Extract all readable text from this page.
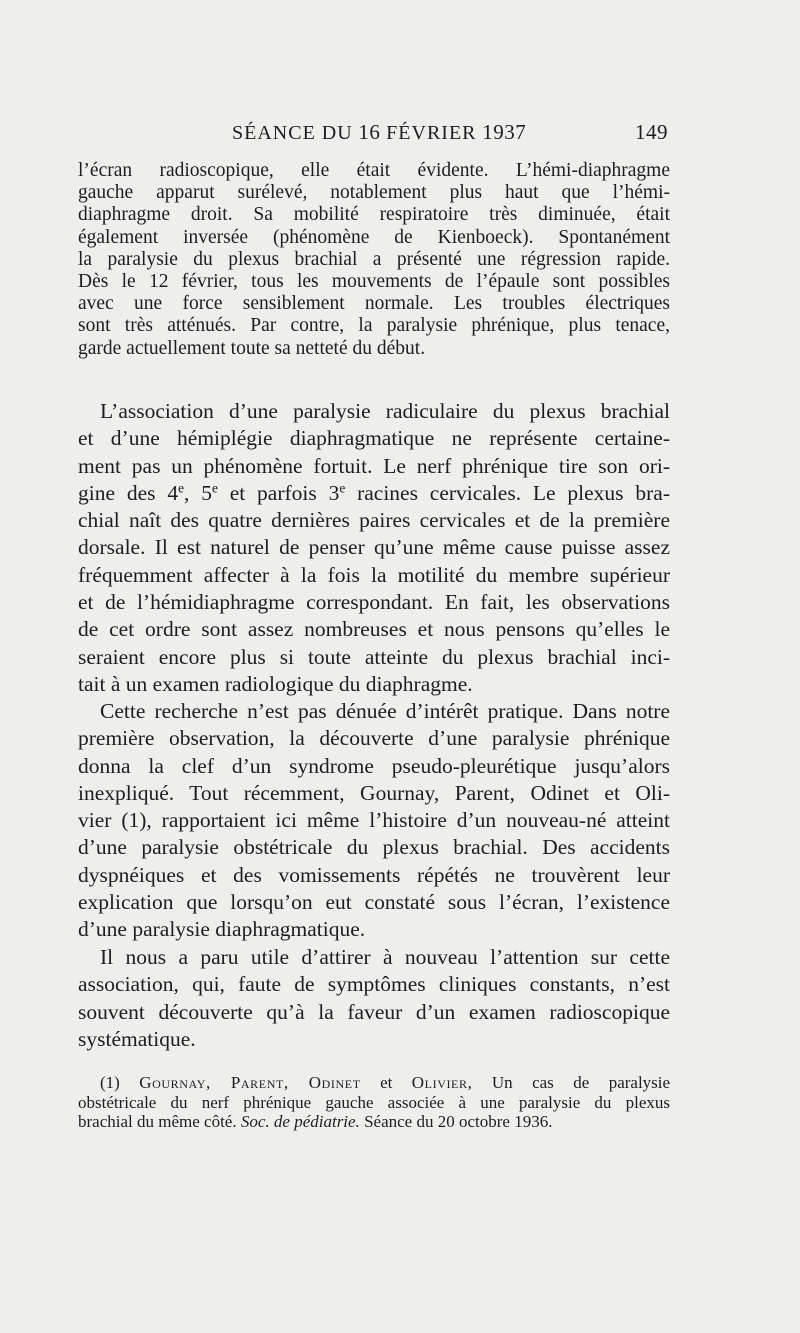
SÉANCE DU 16 FÉVRIER 1937	149
l’écran radioscopique, elle était évidente. L’hémi-diaphragme
gauche apparut surélevé, notablement plus haut que l’hémi-
diaphragme droit. Sa mobilité respiratoire très diminuée, était
également inversée (phénomène de Kienboeck). Spontanément
la paralysie du plexus brachial a présenté une régression rapide.
Dès le 12 février, tous les mouvements de l’épaule sont possibles
avec une force sensiblement normale. Les troubles électriques
sont très atténués. Par contre, la paralysie phrénique, plus tenace,
garde actuellement toute sa netteté du début.
L’association d’une paralysie radiculaire du plexus brachial
et d’une hémiplégie diaphragmatique ne représente certaine-
ment pas un phénomène fortuit. Le nerf phrénique tire son ori-
gine des 4e, 5e et parfois 3e racines cervicales. Le plexus bra-
chial naît des quatre dernières paires cervicales et de la première
dorsale. Il est naturel de penser qu’une même cause puisse assez
fréquemment affecter à la fois la motilité du membre supérieur
et de l’hémidiaphragme correspondant. En fait, les observations
de cet ordre sont assez nombreuses et nous pensons qu’elles le
seraient encore plus si toute atteinte du plexus brachial inci-
tait à un examen radiologique du diaphragme.
Cette recherche n’est pas dénuée d’intérêt pratique. Dans notre
première observation, la découverte d’une paralysie phrénique
donna la clef d’un syndrome pseudo-pleurétique jusqu’alors
inexpliqué. Tout récemment, Gournay, Parent, Odinet et Oli-
vier (1), rapportaient ici même l’histoire d’un nouveau-né atteint
d’une paralysie obstétricale du plexus brachial. Des accidents
dyspnéiques et des vomissements répétés ne trouvèrent leur
explication que lorsqu’on eut constaté sous l’écran, l’existence
d’une paralysie diaphragmatique.
Il nous a paru utile d’attirer à nouveau l’attention sur cette
association, qui, faute de symptômes cliniques constants, n’est
souvent découverte qu’à la faveur d’un examen radioscopique
systématique.
(1) Gournay, Parent, Odinet et Olivier, Un cas de paralysie
obstétricale du nerf phrénique gauche associée à une paralysie du plexus
brachial du même côté. Soc. de pédiatrie. Séance du 20 octobre 1936.
